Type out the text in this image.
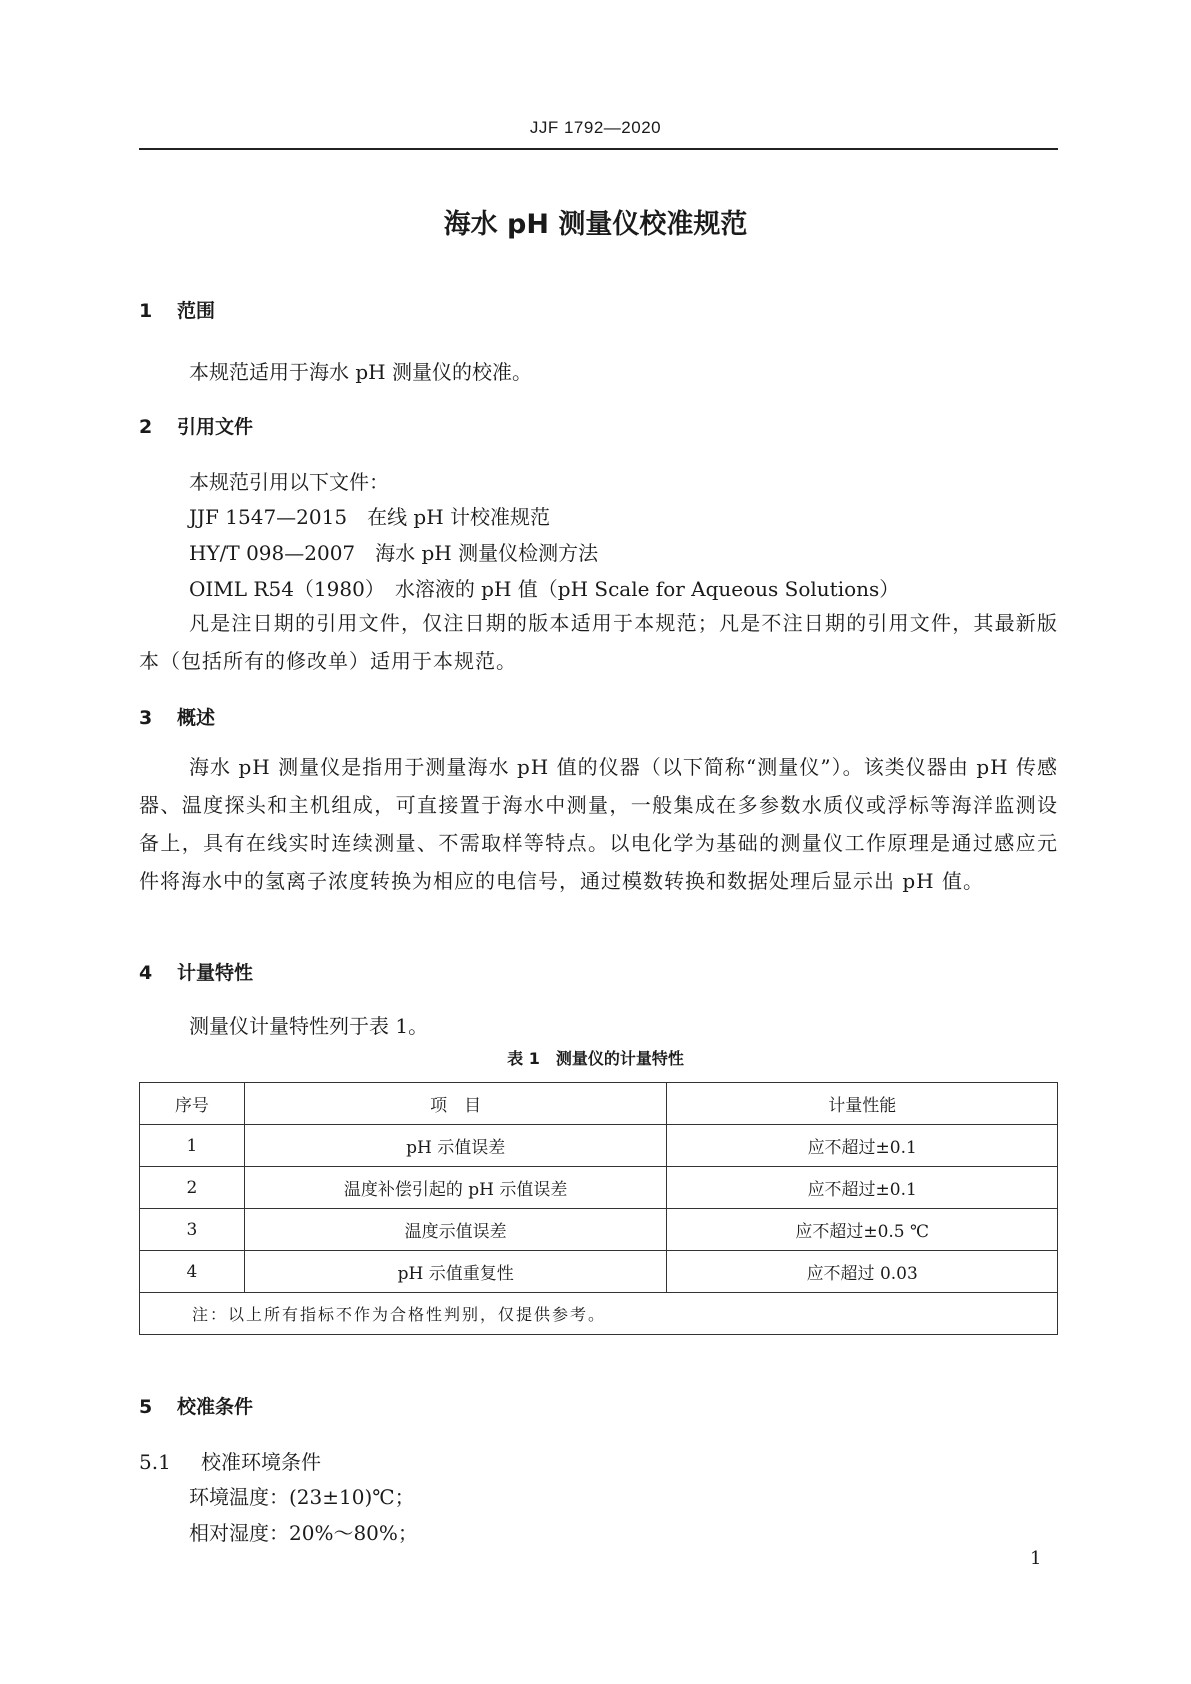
JJF 1792—2020
海水 pH 测量仪校准规范
1 范围
本规范适用于海水 pH 测量仪的校准。
2 引用文件
本规范引用以下文件：
JJF 1547—2015　在线 pH 计校准规范
HY/T 098—2007　海水 pH 测量仪检测方法
OIML R54（1980）　水溶液的 pH 值（pH Scale for Aqueous Solutions）
凡是注日期的引用文件，仅注日期的版本适用于本规范；凡是不注日期的引用文件，其最新版本（包括所有的修改单）适用于本规范。
3 概述
海水 pH 测量仪是指用于测量海水 pH 值的仪器（以下简称“测量仪”）。该类仪器由 pH 传感器、温度探头和主机组成，可直接置于海水中测量，一般集成在多参数水质仪或浮标等海洋监测设备上，具有在线实时连续测量、不需取样等特点。以电化学为基础的测量仪工作原理是通过感应元件将海水中的氢离子浓度转换为相应的电信号，通过模数转换和数据处理后显示出 pH 值。
4 计量特性
测量仪计量特性列于表 1。
表 1　测量仪的计量特性
序号	项　目	计量性能
1	pH 示值误差	应不超过±0.1
2	温度补偿引起的 pH 示值误差	应不超过±0.1
3	温度示值误差	应不超过±0.5 ℃
4	pH 示值重复性	应不超过 0.03
注：以上所有指标不作为合格性判别，仅提供参考。		
5 校准条件
5.1 校准环境条件
环境温度：(23±10)℃；
相对湿度：20%～80%；
1
